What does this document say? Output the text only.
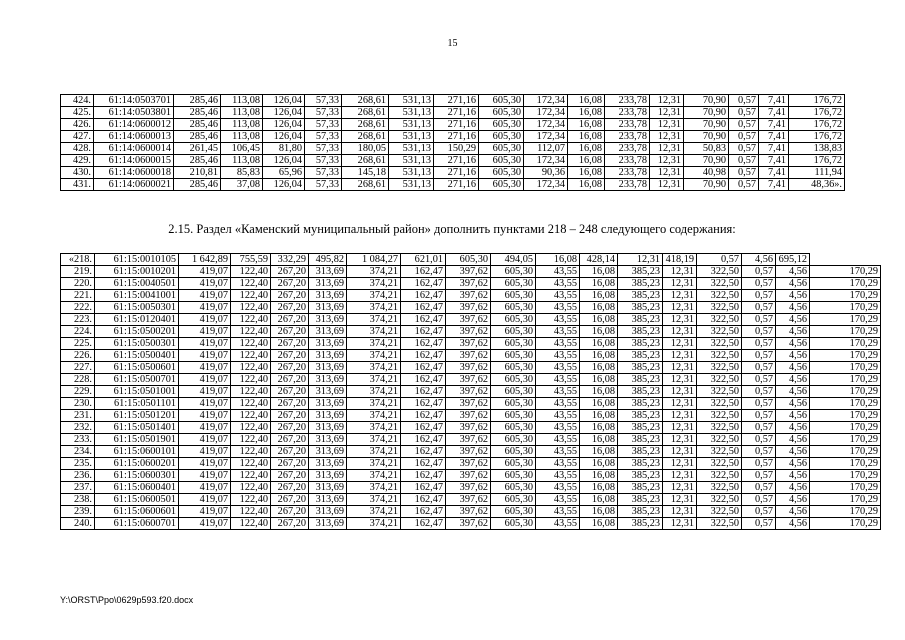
15
424.	61:14:0503701	285,46	113,08	126,04	57,33	268,61	531,13	271,16	605,30	172,34	16,08	233,78	12,31	70,90	0,57	7,41	176,72
425.	61:14:0503801	285,46	113,08	126,04	57,33	268,61	531,13	271,16	605,30	172,34	16,08	233,78	12,31	70,90	0,57	7,41	176,72
426.	61:14:0600012	285,46	113,08	126,04	57,33	268,61	531,13	271,16	605,30	172,34	16,08	233,78	12,31	70,90	0,57	7,41	176,72
427.	61:14:0600013	285,46	113,08	126,04	57,33	268,61	531,13	271,16	605,30	172,34	16,08	233,78	12,31	70,90	0,57	7,41	176,72
428.	61:14:0600014	261,45	106,45	81,80	57,33	180,05	531,13	150,29	605,30	112,07	16,08	233,78	12,31	50,83	0,57	7,41	138,83
429.	61:14:0600015	285,46	113,08	126,04	57,33	268,61	531,13	271,16	605,30	172,34	16,08	233,78	12,31	70,90	0,57	7,41	176,72
430.	61:14:0600018	210,81	85,83	65,96	57,33	145,18	531,13	271,16	605,30	90,36	16,08	233,78	12,31	40,98	0,57	7,41	111,94
431.	61:14:0600021	285,46	37,08	126,04	57,33	268,61	531,13	271,16	605,30	172,34	16,08	233,78	12,31	70,90	0,57	7,41	48,36».
2.15. Раздел «Каменский муниципальный район» дополнить пунктами 218 – 248 следующего содержания:
«218.	61:15:0010105	1 642,89	755,59	332,29	495,82	1 084,27	621,01	605,30	494,05	16,08	428,14	12,31	418,19	0,57	4,56	695,12	
219.	61:15:0010201	419,07	122,40	267,20	313,69	374,21	162,47	397,62	605,30	43,55	16,08	385,23	12,31	322,50	0,57	4,56	170,29
220.	61:15:0040501	419,07	122,40	267,20	313,69	374,21	162,47	397,62	605,30	43,55	16,08	385,23	12,31	322,50	0,57	4,56	170,29
221.	61:15:0041001	419,07	122,40	267,20	313,69	374,21	162,47	397,62	605,30	43,55	16,08	385,23	12,31	322,50	0,57	4,56	170,29
222.	61:15:0050301	419,07	122,40	267,20	313,69	374,21	162,47	397,62	605,30	43,55	16,08	385,23	12,31	322,50	0,57	4,56	170,29
223.	61:15:0120401	419,07	122,40	267,20	313,69	374,21	162,47	397,62	605,30	43,55	16,08	385,23	12,31	322,50	0,57	4,56	170,29
224.	61:15:0500201	419,07	122,40	267,20	313,69	374,21	162,47	397,62	605,30	43,55	16,08	385,23	12,31	322,50	0,57	4,56	170,29
225.	61:15:0500301	419,07	122,40	267,20	313,69	374,21	162,47	397,62	605,30	43,55	16,08	385,23	12,31	322,50	0,57	4,56	170,29
226.	61:15:0500401	419,07	122,40	267,20	313,69	374,21	162,47	397,62	605,30	43,55	16,08	385,23	12,31	322,50	0,57	4,56	170,29
227.	61:15:0500601	419,07	122,40	267,20	313,69	374,21	162,47	397,62	605,30	43,55	16,08	385,23	12,31	322,50	0,57	4,56	170,29
228.	61:15:0500701	419,07	122,40	267,20	313,69	374,21	162,47	397,62	605,30	43,55	16,08	385,23	12,31	322,50	0,57	4,56	170,29
229.	61:15:0501001	419,07	122,40	267,20	313,69	374,21	162,47	397,62	605,30	43,55	16,08	385,23	12,31	322,50	0,57	4,56	170,29
230.	61:15:0501101	419,07	122,40	267,20	313,69	374,21	162,47	397,62	605,30	43,55	16,08	385,23	12,31	322,50	0,57	4,56	170,29
231.	61:15:0501201	419,07	122,40	267,20	313,69	374,21	162,47	397,62	605,30	43,55	16,08	385,23	12,31	322,50	0,57	4,56	170,29
232.	61:15:0501401	419,07	122,40	267,20	313,69	374,21	162,47	397,62	605,30	43,55	16,08	385,23	12,31	322,50	0,57	4,56	170,29
233.	61:15:0501901	419,07	122,40	267,20	313,69	374,21	162,47	397,62	605,30	43,55	16,08	385,23	12,31	322,50	0,57	4,56	170,29
234.	61:15:0600101	419,07	122,40	267,20	313,69	374,21	162,47	397,62	605,30	43,55	16,08	385,23	12,31	322,50	0,57	4,56	170,29
235.	61:15:0600201	419,07	122,40	267,20	313,69	374,21	162,47	397,62	605,30	43,55	16,08	385,23	12,31	322,50	0,57	4,56	170,29
236.	61:15:0600301	419,07	122,40	267,20	313,69	374,21	162,47	397,62	605,30	43,55	16,08	385,23	12,31	322,50	0,57	4,56	170,29
237.	61:15:0600401	419,07	122,40	267,20	313,69	374,21	162,47	397,62	605,30	43,55	16,08	385,23	12,31	322,50	0,57	4,56	170,29
238.	61:15:0600501	419,07	122,40	267,20	313,69	374,21	162,47	397,62	605,30	43,55	16,08	385,23	12,31	322,50	0,57	4,56	170,29
239.	61:15:0600601	419,07	122,40	267,20	313,69	374,21	162,47	397,62	605,30	43,55	16,08	385,23	12,31	322,50	0,57	4,56	170,29
240.	61:15:0600701	419,07	122,40	267,20	313,69	374,21	162,47	397,62	605,30	43,55	16,08	385,23	12,31	322,50	0,57	4,56	170,29
Y:\ORST\Ppo\0629p593.f20.docx
